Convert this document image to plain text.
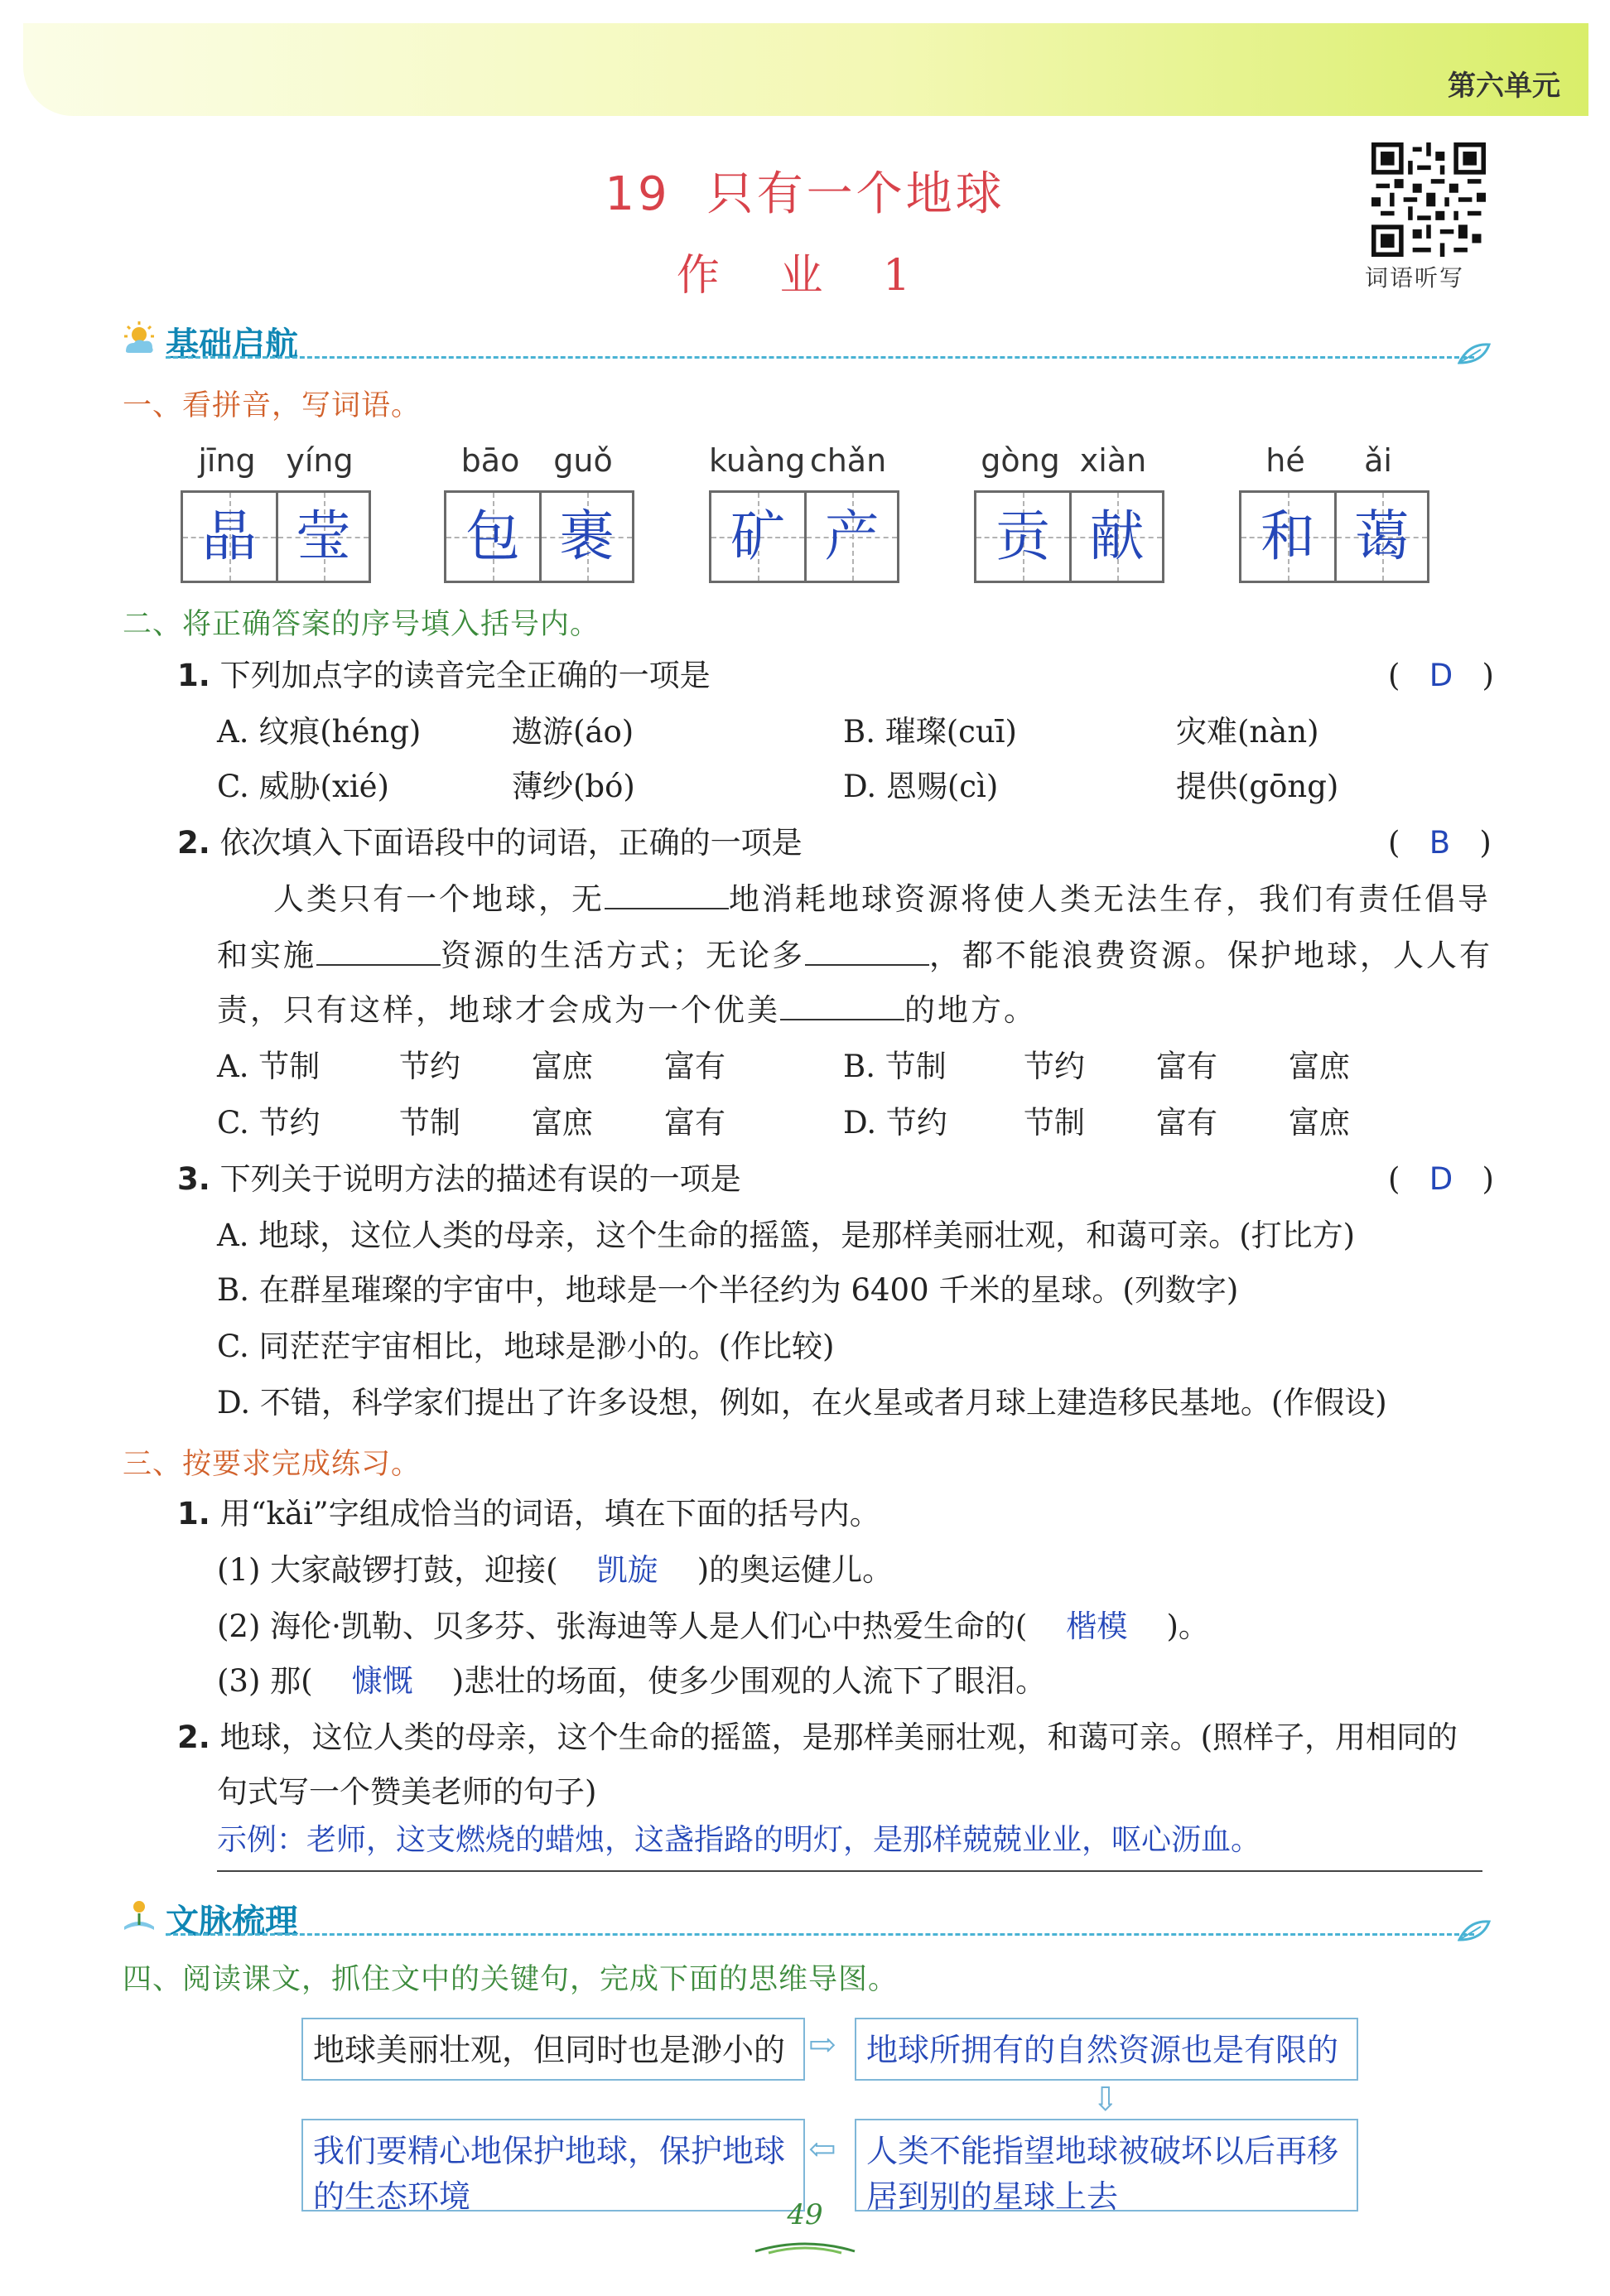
第六单元
19 只有一个地球
作 业 1	词语听写
基础启航
一、看拼音，写词语。
jīng yíng
晶 莹
bāo	guǒ
包 裹
kuàng chǎn
矿 产
gòng xiàn
贡 献
hé	ǎi
和 蔼
二、将正确答案的序号填入括号内。
1. 下列加点字的读音完全正确的一项是	(   D   )
A. 纹痕(héng)	遨游(áo)	B. 璀璨(cuī)	灾难(nàn)
C. 威胁(xié)	薄纱(bó)	D. 恩赐(cì)	提供(gōng)
2. 依次填入下面语段中的词语，正确的一项是	(   B   )
人类只有一个地球，无	地消耗地球资源将使人类无法生存，我们有责任倡导
和实施	资源的生活方式；无论多	，都不能浪费资源。保护地球，人人有
责，只有这样，地球才会成为一个优美	的地方。
A. 节制	节约 富庶 富有	B. 节制	节约 富有 富庶
C. 节约	节制 富庶 富有	D. 节约 节制 富有 富庶
3. 下列关于说明方法的描述有误的一项是	(   D   )
A. 地球，这位人类的母亲，这个生命的摇篮，是那样美丽壮观，和蔼可亲。(打比方)
B. 在群星璀璨的宇宙中，地球是一个半径约为 6400 千米的星球。(列数字)
C. 同茫茫宇宙相比，地球是渺小的。(作比较)
D. 不错，科学家们提出了许多设想，例如，在火星或者月球上建造移民基地。(作假设)
三、按要求完成练习。
1. 用“kǎi”字组成恰当的词语，填在下面的括号内。
(1) 大家敲锣打鼓，迎接( 凯旋 )的奥运健儿。
(2) 海伦·凯勒、贝多芬、张海迪等人是人们心中热爱生命的( 楷模 )。
(3) 那( 慷慨 )悲壮的场面，使多少围观的人流下了眼泪。
2. 地球，这位人类的母亲，这个生命的摇篮，是那样美丽壮观，和蔼可亲。(照样子，用相同的
句式写一个赞美老师的句子)
示例：老师，这支燃烧的蜡烛，这盏指路的明灯，是那样兢兢业业，呕心沥血。
文脉梳理
四、阅读课文，抓住文中的关键句，完成下面的思维导图。
地球美丽壮观，但同时也是渺小的 ⇨ 地球所拥有的自然资源也是有限的
⇩
人类不能指望地球被破坏以后再移居到别的星球上去
⇦
我们要精心地保护地球，保护地球的生态环境	49
